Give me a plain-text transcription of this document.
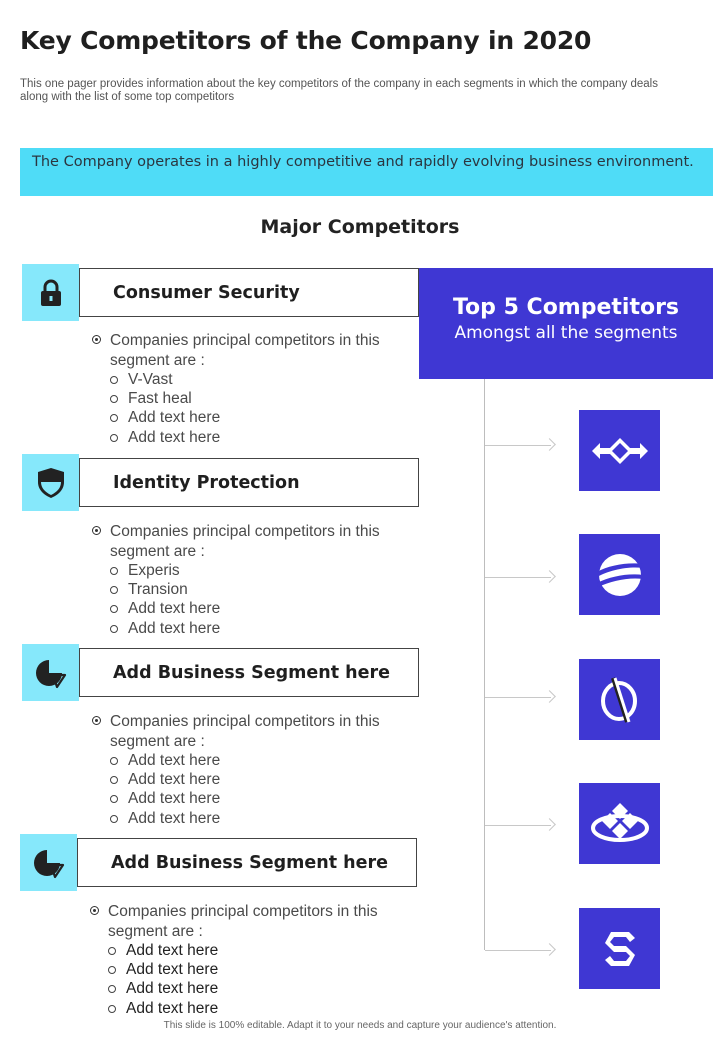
Key Competitors of the Company in 2020

This one pager provides information about the key competitors of the company in each segments in which the company deals along with the list of some top competitors

The Company operates in a highly competitive and rapidly evolving business environment.
Major Competitors
Consumer Security
Companies principal competitors in this segment are :
V-Vast
Fast heal
Add text here
Add text here
Identity Protection
Companies principal competitors in this segment are :
Experis
Transion
Add text here
Add text here
Add Business Segment here
Companies principal competitors in this segment are :
Add text here
Add text here
Add text here
Add text here
Add Business Segment here
Companies principal competitors in this segment are :
Add text here
Add text here
Add text here
Add text here
Top 5 Competitors
Amongst all the segments
This slide is 100% editable. Adapt it to your needs and capture your audience's attention.
